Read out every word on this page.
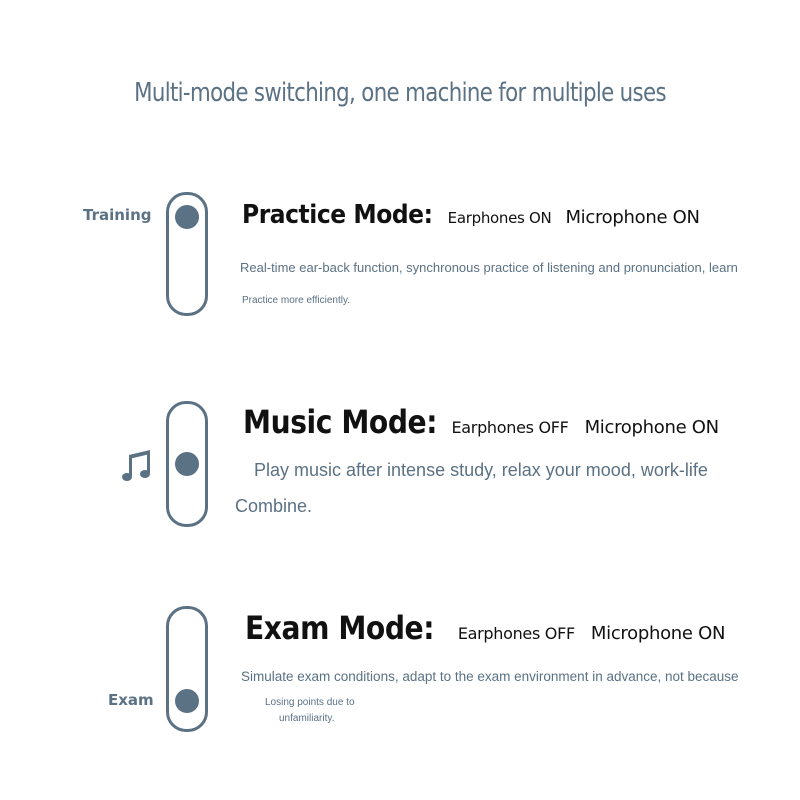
Multi-mode switching, one machine for multiple uses
Training	Practice Mode: Earphones ON Microphone ON
Real-time ear-back function, synchronous practice of listening and pronunciation, learn
Practice more efficiently.
Music Mode: Earphones OFF Microphone ON
Play music after intense study, relax your mood, work-life
Combine.
Exam
Exam Mode: Earphones OFF Microphone ON
Simulate exam conditions, adapt to the exam environment in advance, not because
Losing points due to
unfamiliarity.
